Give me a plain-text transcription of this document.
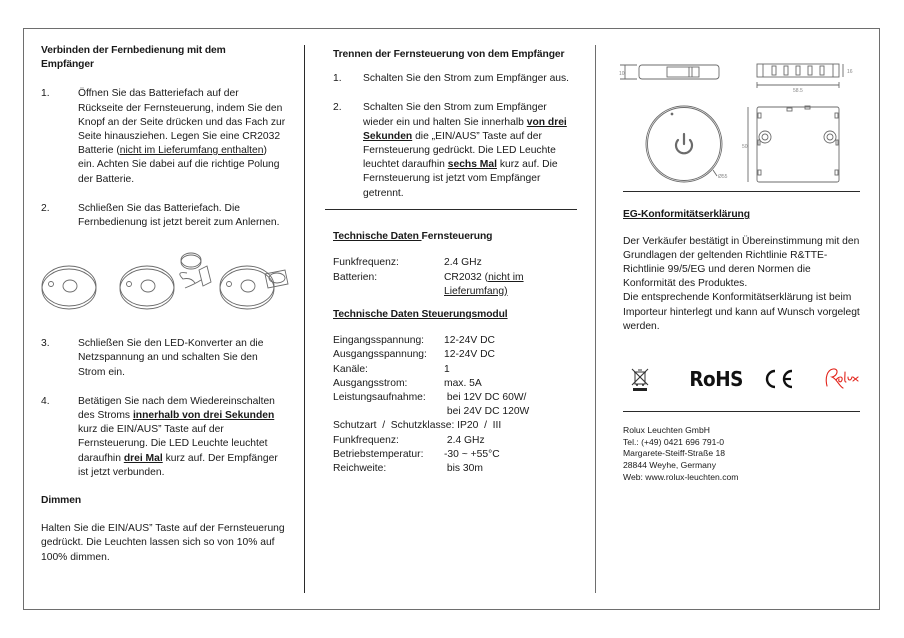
Verbinden der Fernbedienung mit dem Empfänger
1.	Öffnen Sie das Batteriefach auf der Rückseite der Fernsteuerung, indem Sie den Knopf an der Seite drücken und das Fach zur Seite hinausziehen. Legen Sie eine CR2032 Batterie (nicht im Lieferumfang enthalten) ein. Achten Sie dabei auf die richtige Polung der Batterie.
2.	Schließen Sie das Batteriefach. Die Fernbedienung ist jetzt bereit zum Anlernen.
3.	Schließen Sie den LED-Konverter an die Netzspannung an und schalten Sie den Strom ein.
4.	Betätigen Sie nach dem Wiedereinschalten des Stroms innerhalb von drei Sekunden kurz die EIN/AUS” Taste auf der Fernsteuerung. Die LED Leuchte leuchtet daraufhin drei Mal kurz auf. Der Empfänger ist jetzt verbunden.
Dimmen

Halten Sie die EIN/AUS” Taste auf der Fernsteuerung gedrückt. Die Leuchten lassen sich so von 10% auf 100% dimmen.

Trennen der Fernsteuerung von dem Empfänger
1. Schalten Sie den Strom zum Empfänger aus.
2. Schalten Sie den Strom zum Empfänger wieder ein und halten Sie innerhalb von drei Sekunden die „EIN/AUS” Taste auf der Fernsteuerung gedrückt. Die LED Leuchte leuchtet daraufhin sechs Mal kurz auf. Die Fernsteuerung ist jetzt vom Empfänger getrennt.
Technische Daten Fernsteuerung
Funkfrequenz:	2.4 GHz
Batterien:	CR2032 (nicht im Lieferumfang)
Technische Daten Steuerungsmodul
Eingangsspannung:	12-24V DC
Ausgangsspannung:	12-24V DC
Kanäle:	1
Ausgangsstrom:	max. 5A
Leistungsaufnahme:	bei 12V DC 60W/
bei 24V DC 120W
Schutzart  /  Schutzklasse: IP20  /  III
Funkfrequenz:	2.4 GHz
Betriebstemperatur:	-30 ~ +55°C
Reichweite:	bis 30m
10
58.5
16
Ø55
50
EG-Konformitätserklärung

Der Verkäufer bestätigt in Übereinstimmung mit den Grundlagen der geltenden Richtlinie R&TTE-Richtlinie 99/5/EG und deren Normen die Konformität des Produktes.

Die entsprechende Konformitätserklärung ist beim Importeur hinterlegt und kann auf Wunsch vorgelegt werden.

RoHS
Rolux
Rolux Leuchten GmbH
Tel.: (+49) 0421 696 791-0
Margarete-Steiff-Straße 18
28844 Weyhe, Germany
Web: www.rolux-leuchten.com
